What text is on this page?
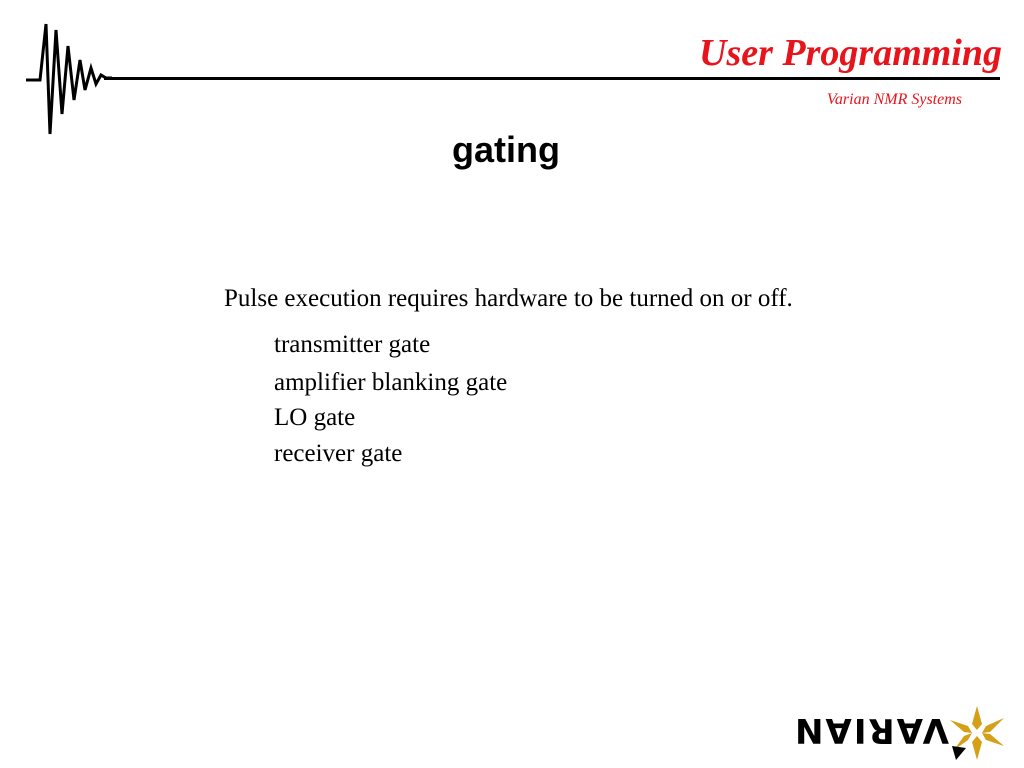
User Programming
Varian NMR Systems
gating
Pulse execution requires hardware to be turned on or off.
transmitter gate
amplifier blanking gate
LO gate
receiver gate
VARIAN
